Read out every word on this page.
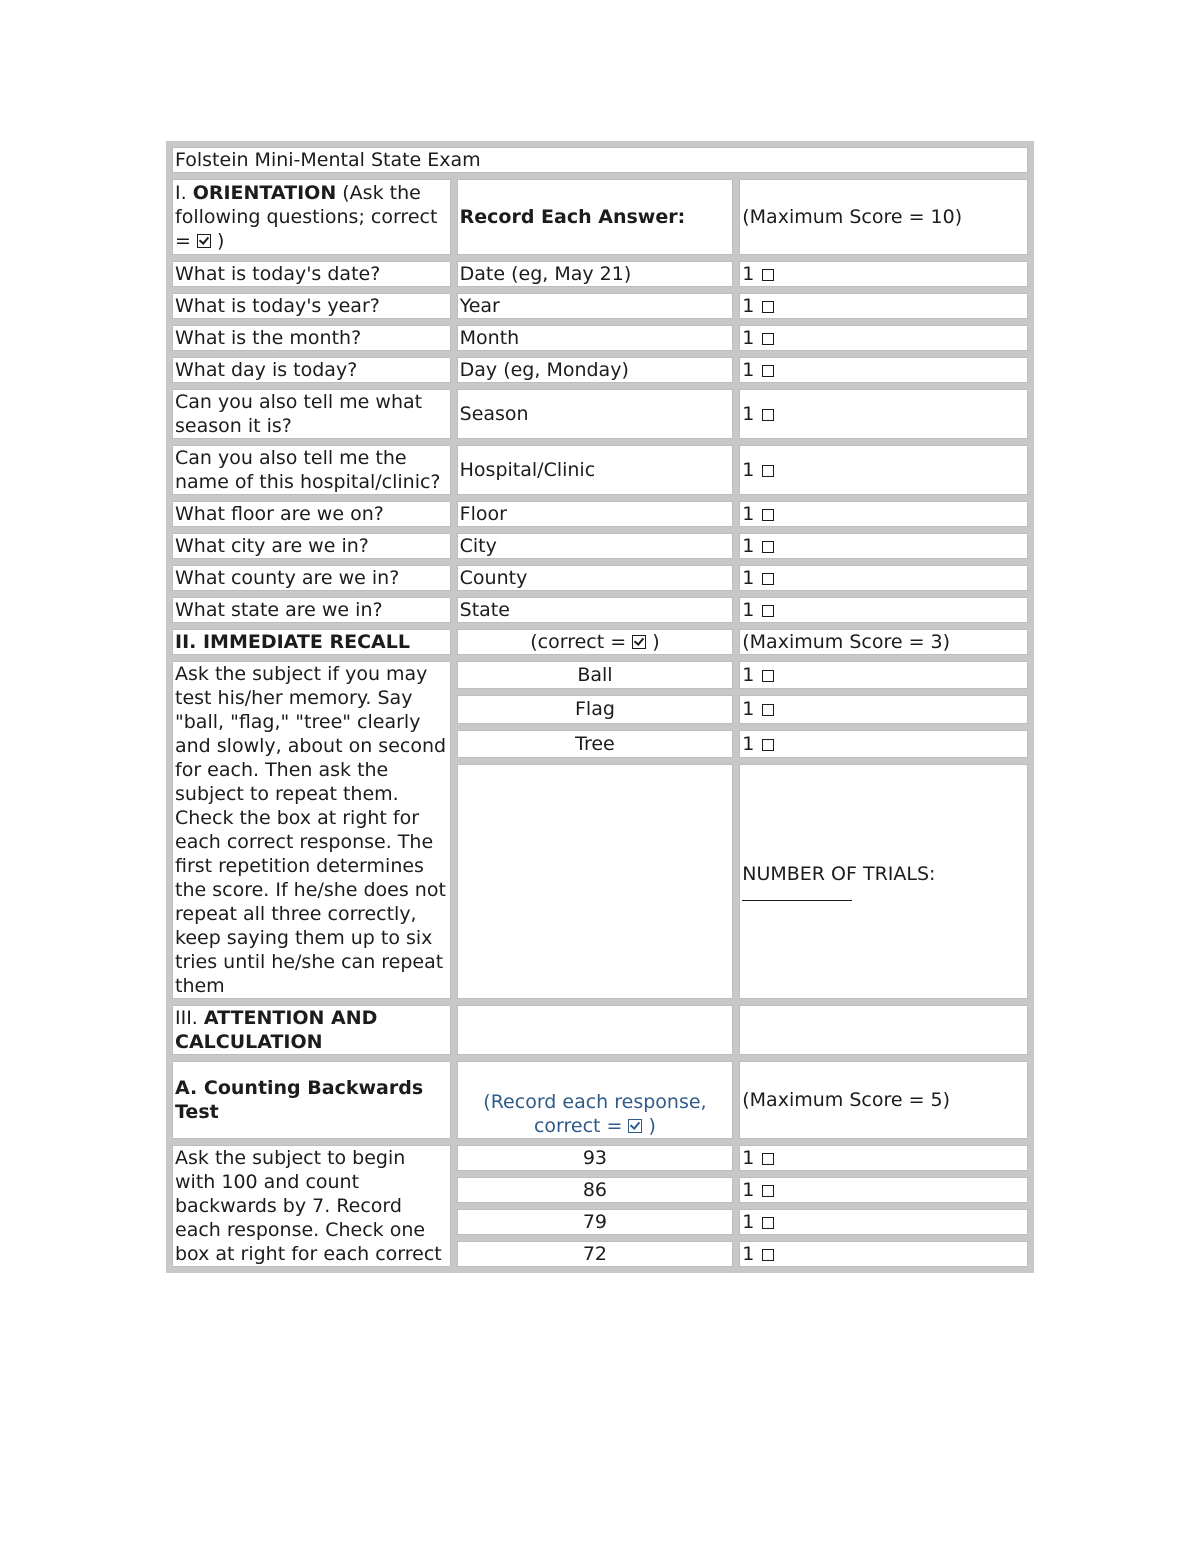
Folstein Mini-Mental State Exam		
I. ORIENTATION (Ask the following questions; correct =  )	Record Each Answer:	(Maximum Score = 10)
What is today's date?	Date (eg, May 21)	1
What is today's year?	Year	1
What is the month?	Month	1
What day is today?	Day (eg, Monday)	1
Can you also tell me what season it is?	Season	1
Can you also tell me the name of this hospital/clinic?	Hospital/Clinic	1
What floor are we on?	Floor	1
What city are we in?	City	1
What county are we in?	County	1
What state are we in?	State	1
II. IMMEDIATE RECALL	(correct =  )	(Maximum Score = 3)
Ask the subject if you may test his/her memory. Say "ball, "flag," "tree" clearly and slowly, about on second for each. Then ask the subject to repeat them. Check the box at right for each correct response. The first repetition determines the score. If he/she does not repeat all three correctly, keep saying them up to six tries until he/she can repeat them	Ball	1
	Flag	1
	Tree	1
		NUMBER OF TRIALS:

III. ATTENTION AND CALCULATION		
A. Counting Backwards Test	(Record each response, correct =  )	(Maximum Score = 5)
Ask the subject to begin with 100 and count backwards by 7. Record each response. Check one box at right for each correct	93	1
	86	1
	79	1
	72	1
